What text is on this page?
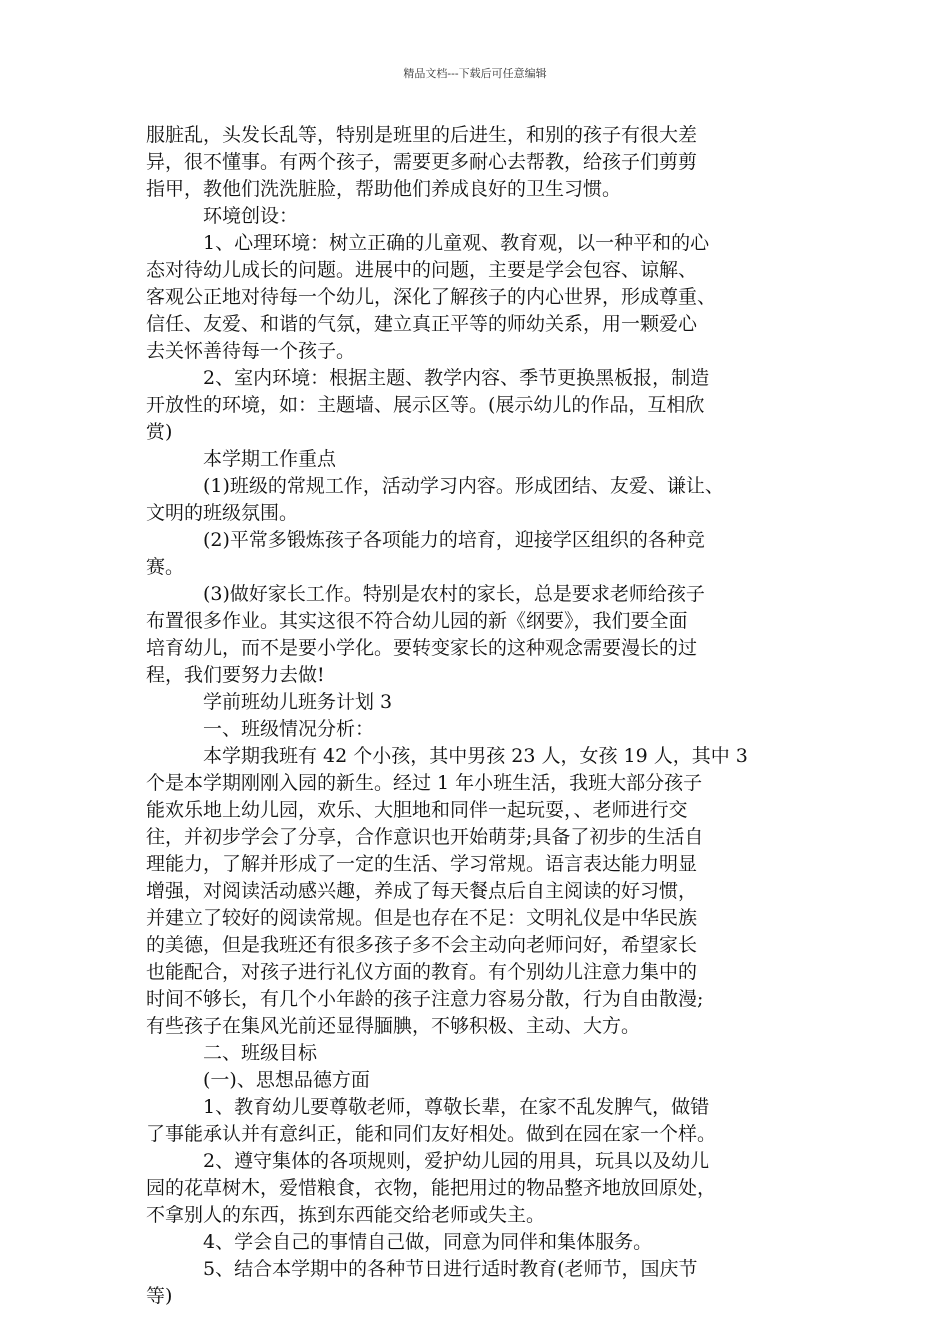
精品文档---下载后可任意编辑

服脏乱，头发长乱等，特别是班里的后进生，和别的孩子有很大差

异，很不懂事。有两个孩子，需要更多耐心去帮教，给孩子们剪剪

指甲，教他们洗洗脏脸，帮助他们养成良好的卫生习惯。

环境创设：

1、心理环境：树立正确的儿童观、教育观，以一种平和的心

态对待幼儿成长的问题。进展中的问题，主要是学会包容、谅解、

客观公正地对待每一个幼儿，深化了解孩子的内心世界，形成尊重、

信任、友爱、和谐的气氛，建立真正平等的师幼关系，用一颗爱心

去关怀善待每一个孩子。

2、室内环境：根据主题、教学内容、季节更换黑板报，制造

开放性的环境，如：主题墙、展示区等。(展示幼儿的作品，互相欣

赏)

本学期工作重点

(1)班级的常规工作，活动学习内容。形成团结、友爱、谦让、

文明的班级氛围。

(2)平常多锻炼孩子各项能力的培育，迎接学区组织的各种竞

赛。

(3)做好家长工作。特别是农村的家长，总是要求老师给孩子

布置很多作业。其实这很不符合幼儿园的新《纲要》，我们要全面

培育幼儿，而不是要小学化。要转变家长的这种观念需要漫长的过

程，我们要努力去做!

学前班幼儿班务计划 3

一、班级情况分析：

本学期我班有 42 个小孩，其中男孩 23 人，女孩 19 人，其中 3

个是本学期刚刚入园的新生。经过 1 年小班生活，我班大部分孩子

能欢乐地上幼儿园，欢乐、大胆地和同伴一起玩耍，、老师进行交

往，并初步学会了分享，合作意识也开始萌芽;具备了初步的生活自

理能力，了解并形成了一定的生活、学习常规。语言表达能力明显

增强，对阅读活动感兴趣，养成了每天餐点后自主阅读的好习惯，

并建立了较好的阅读常规。但是也存在不足：文明礼仪是中华民族

的美德，但是我班还有很多孩子多不会主动向老师问好，希望家长

也能配合，对孩子进行礼仪方面的教育。有个别幼儿注意力集中的

时间不够长，有几个小年龄的孩子注意力容易分散，行为自由散漫;

有些孩子在集风光前还显得腼腆，不够积极、主动、大方。

二、班级目标

(一)、思想品德方面

1、教育幼儿要尊敬老师，尊敬长辈，在家不乱发脾气，做错

了事能承认并有意纠正，能和同们友好相处。做到在园在家一个样。

2、遵守集体的各项规则，爱护幼儿园的用具，玩具以及幼儿

园的花草树木，爱惜粮食，衣物，能把用过的物品整齐地放回原处，

不拿别人的东西，拣到东西能交给老师或失主。

4、学会自己的事情自己做，同意为同伴和集体服务。

5、结合本学期中的各种节日进行适时教育(老师节，国庆节

等)
